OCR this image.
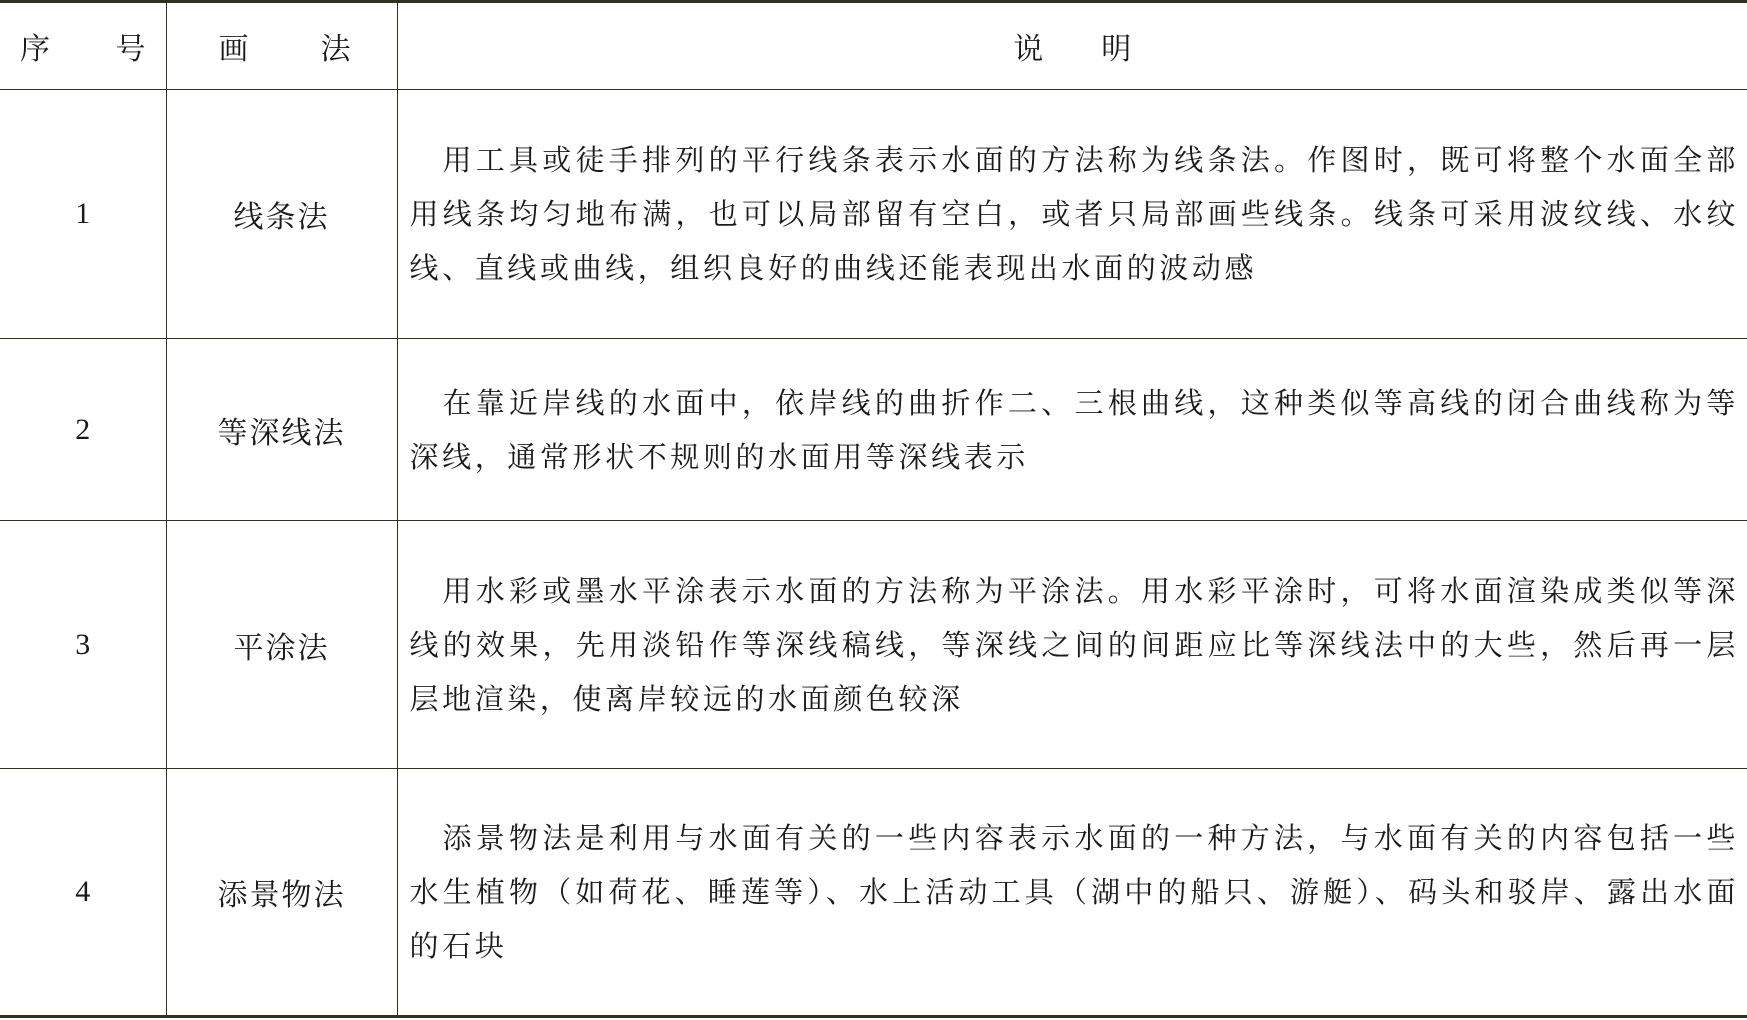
序 号	画 法	说明

1	线条法	用工具或徒手排列的平行线条表示水面的方法称为线条法。作图时，既可将整个水面全部用线条均匀地布满，也可以局部留有空白，或者只局部画些线条。线条可采用波纹线、水纹线、直线或曲线，组织良好的曲线还能表现出水面的波动感
2	等深线法	在靠近岸线的水面中，依岸线的曲折作二、三根曲线，这种类似等高线的闭合曲线称为等深线，通常形状不规则的水面用等深线表示
3	平涂法	用水彩或墨水平涂表示水面的方法称为平涂法。用水彩平涂时，可将水面渲染成类似等深线的效果，先用淡铅作等深线稿线，等深线之间的间距应比等深线法中的大些，然后再一层层地渲染，使离岸较远的水面颜色较深
4	添景物法	添景物法是利用与水面有关的一些内容表示水面的一种方法，与水面有关的内容包括一些水生植物（如荷花、睡莲等）、水上活动工具（湖中的船只、游艇）、码头和驳岸、露出水面的石块
